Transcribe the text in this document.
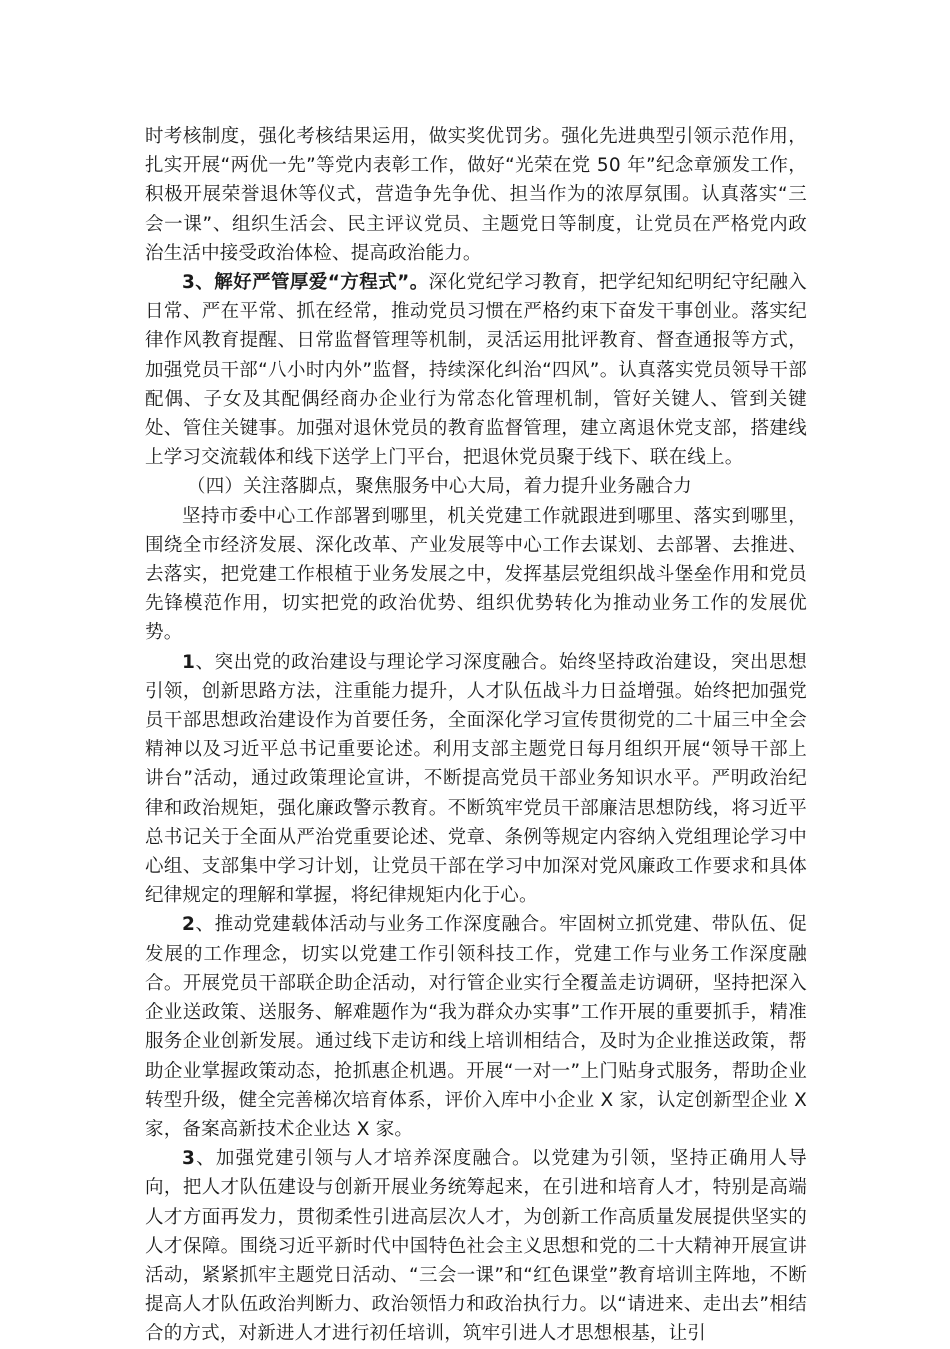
时考核制度，强化考核结果运用，做实奖优罚劣。强化先进典型引领示范作用，扎实开展“两优一先”等党内表彰工作，做好“光荣在党 50 年”纪念章颁发工作，积极开展荣誉退休等仪式，营造争先争优、担当作为的浓厚氛围。认真落实“三会一课”、组织生活会、民主评议党员、主题党日等制度，让党员在严格党内政治生活中接受政治体检、提高政治能力。

3、解好严管厚爱“方程式”。深化党纪学习教育，把学纪知纪明纪守纪融入日常、严在平常、抓在经常，推动党员习惯在严格约束下奋发干事创业。落实纪律作风教育提醒、日常监督管理等机制，灵活运用批评教育、督查通报等方式，加强党员干部“八小时内外”监督，持续深化纠治“四风”。认真落实党员领导干部配偶、子女及其配偶经商办企业行为常态化管理机制，管好关键人、管到关键处、管住关键事。加强对退休党员的教育监督管理，建立离退休党支部，搭建线上学习交流载体和线下送学上门平台，把退休党员聚于线下、联在线上。

（四）关注落脚点，聚焦服务中心大局，着力提升业务融合力

坚持市委中心工作部署到哪里，机关党建工作就跟进到哪里、落实到哪里，围绕全市经济发展、深化改革、产业发展等中心工作去谋划、去部署、去推进、去落实，把党建工作根植于业务发展之中，发挥基层党组织战斗堡垒作用和党员先锋模范作用，切实把党的政治优势、组织优势转化为推动业务工作的发展优势。

1、突出党的政治建设与理论学习深度融合。始终坚持政治建设，突出思想引领，创新思路方法，注重能力提升，人才队伍战斗力日益增强。始终把加强党员干部思想政治建设作为首要任务，全面深化学习宣传贯彻党的二十届三中全会精神以及习近平总书记重要论述。利用支部主题党日每月组织开展“领导干部上讲台”活动，通过政策理论宣讲，不断提高党员干部业务知识水平。严明政治纪律和政治规矩，强化廉政警示教育。不断筑牢党员干部廉洁思想防线，将习近平总书记关于全面从严治党重要论述、党章、条例等规定内容纳入党组理论学习中心组、支部集中学习计划，让党员干部在学习中加深对党风廉政工作要求和具体纪律规定的理解和掌握，将纪律规矩内化于心。

2、推动党建载体活动与业务工作深度融合。牢固树立抓党建、带队伍、促发展的工作理念，切实以党建工作引领科技工作，党建工作与业务工作深度融合。开展党员干部联企助企活动，对行管企业实行全覆盖走访调研，坚持把深入企业送政策、送服务、解难题作为“我为群众办实事”工作开展的重要抓手，精准服务企业创新发展。通过线下走访和线上培训相结合，及时为企业推送政策，帮助企业掌握政策动态，抢抓惠企机遇。开展“一对一”上门贴身式服务，帮助企业转型升级，健全完善梯次培育体系，评价入库中小企业 X 家，认定创新型企业 X 家，备案高新技术企业达 X 家。

3、加强党建引领与人才培养深度融合。以党建为引领，坚持正确用人导向，把人才队伍建设与创新开展业务统筹起来，在引进和培育人才，特别是高端人才方面再发力，贯彻柔性引进高层次人才，为创新工作高质量发展提供坚实的人才保障。围绕习近平新时代中国特色社会主义思想和党的二十大精神开展宣讲活动，紧紧抓牢主题党日活动、“三会一课”和“红色课堂”教育培训主阵地，不断提高人才队伍政治判断力、政治领悟力和政治执行力。以“请进来、走出去”相结合的方式，对新进人才进行初任培训，筑牢引进人才思想根基，让引
